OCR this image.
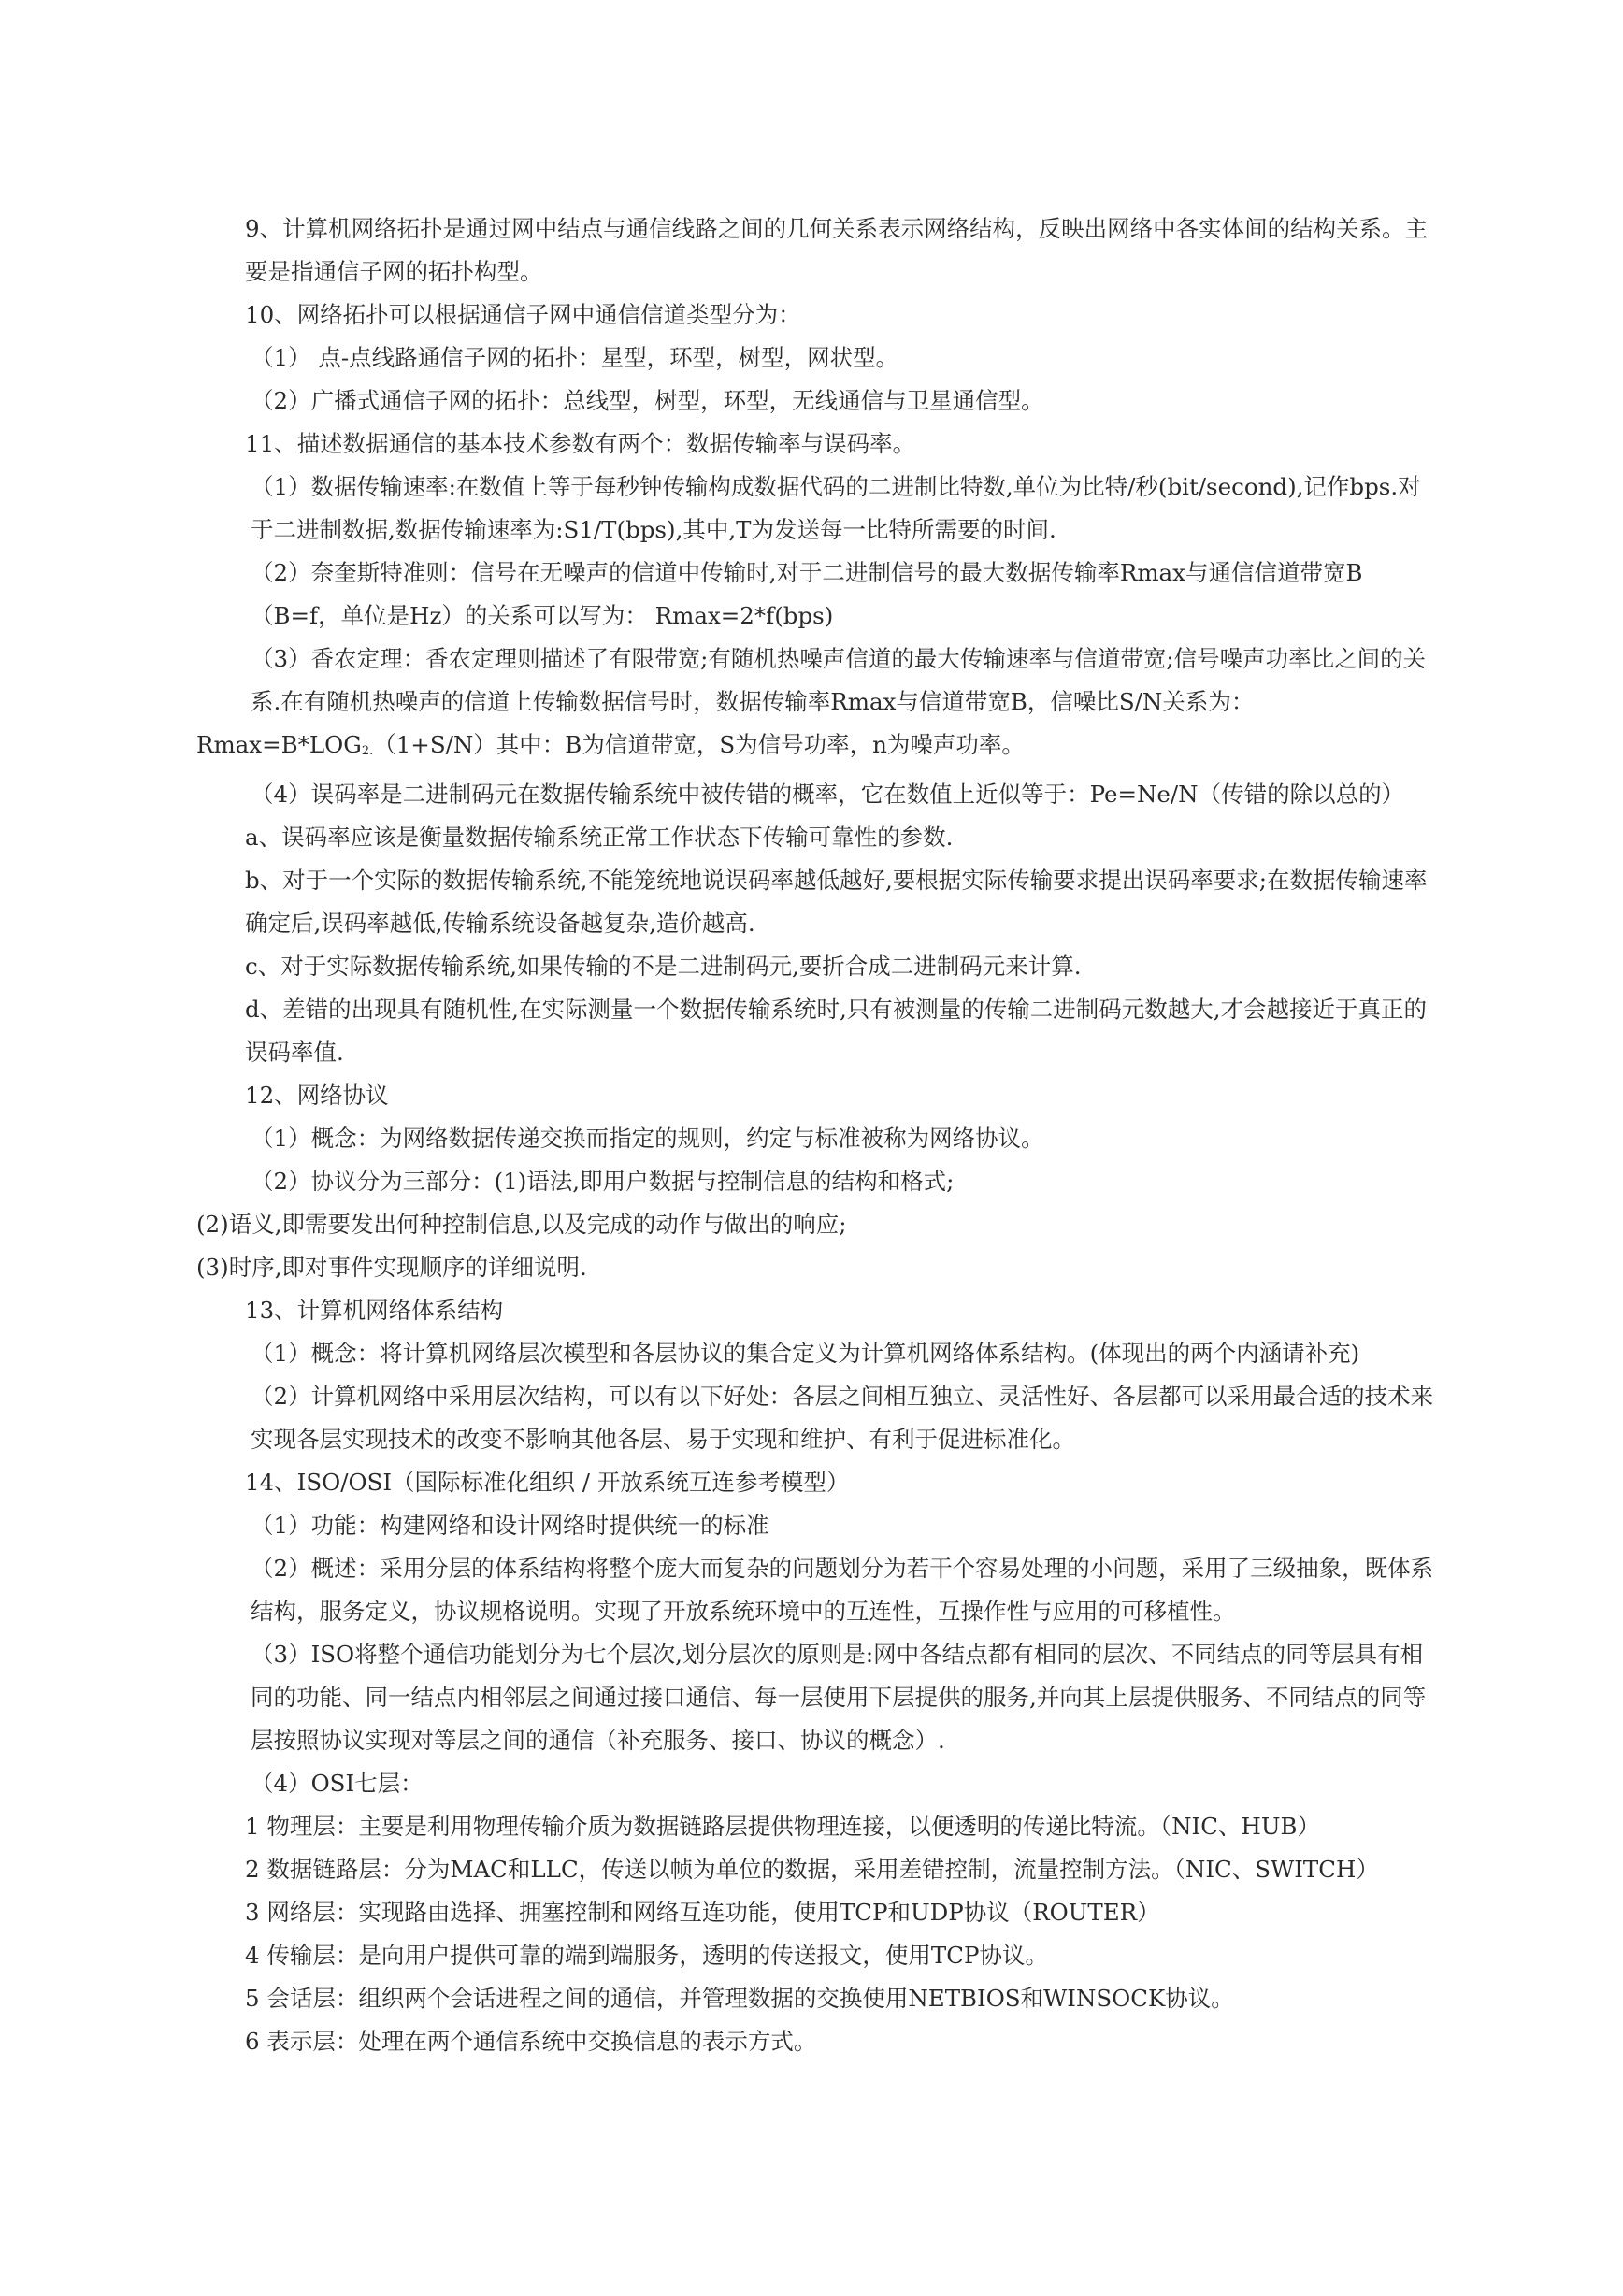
9、计算机网络拓扑是通过网中结点与通信线路之间的几何关系表示网络结构，反映出网络中各实体间的结构关系。主要是指通信子网的拓扑构型。

10、网络拓扑可以根据通信子网中通信信道类型分为：

（1） 点-点线路通信子网的拓扑：星型，环型，树型，网状型。

（2）广播式通信子网的拓扑：总线型，树型，环型，无线通信与卫星通信型。

11、描述数据通信的基本技术参数有两个：数据传输率与误码率。

（1）数据传输速率:在数值上等于每秒钟传输构成数据代码的二进制比特数,单位为比特/秒(bit/second),记作bps.对于二进制数据,数据传输速率为:S1/T(bps),其中,T为发送每一比特所需要的时间.

（2）奈奎斯特准则：信号在无噪声的信道中传输时,对于二进制信号的最大数据传输率Rmax与通信信道带宽B（B=f，单位是Hz）的关系可以写为： Rmax=2*f(bps)

（3）香农定理：香农定理则描述了有限带宽;有随机热噪声信道的最大传输速率与信道带宽;信号噪声功率比之间的关系.在有随机热噪声的信道上传输数据信号时，数据传输率Rmax与信道带宽B，信噪比S/N关系为：

Rmax=B*LOG2.（1+S/N）其中：B为信道带宽，S为信号功率，n为噪声功率。

（4）误码率是二进制码元在数据传输系统中被传错的概率，它在数值上近似等于：Pe=Ne/N（传错的除以总的）

a、误码率应该是衡量数据传输系统正常工作状态下传输可靠性的参数.

b、对于一个实际的数据传输系统,不能笼统地说误码率越低越好,要根据实际传输要求提出误码率要求;在数据传输速率确定后,误码率越低,传输系统设备越复杂,造价越高.

c、对于实际数据传输系统,如果传输的不是二进制码元,要折合成二进制码元来计算.

d、差错的出现具有随机性,在实际测量一个数据传输系统时,只有被测量的传输二进制码元数越大,才会越接近于真正的误码率值.

12、网络协议

（1）概念：为网络数据传递交换而指定的规则，约定与标准被称为网络协议。

（2）协议分为三部分：(1)语法,即用户数据与控制信息的结构和格式;

(2)语义,即需要发出何种控制信息,以及完成的动作与做出的响应;

(3)时序,即对事件实现顺序的详细说明.

13、计算机网络体系结构

（1）概念：将计算机网络层次模型和各层协议的集合定义为计算机网络体系结构。(体现出的两个内涵请补充)

（2）计算机网络中采用层次结构，可以有以下好处：各层之间相互独立、灵活性好、各层都可以采用最合适的技术来实现各层实现技术的改变不影响其他各层、易于实现和维护、有利于促进标准化。

14、ISO/OSI（国际标准化组织 / 开放系统互连参考模型）

（1）功能：构建网络和设计网络时提供统一的标准

（2）概述：采用分层的体系结构将整个庞大而复杂的问题划分为若干个容易处理的小问题，采用了三级抽象，既体系结构，服务定义，协议规格说明。实现了开放系统环境中的互连性，互操作性与应用的可移植性。

（3）ISO将整个通信功能划分为七个层次,划分层次的原则是:网中各结点都有相同的层次、不同结点的同等层具有相同的功能、同一结点内相邻层之间通过接口通信、每一层使用下层提供的服务,并向其上层提供服务、不同结点的同等层按照协议实现对等层之间的通信（补充服务、接口、协议的概念）.

（4）OSI七层：

1 物理层：主要是利用物理传输介质为数据链路层提供物理连接，以便透明的传递比特流。（NIC、HUB）

2 数据链路层：分为MAC和LLC，传送以帧为单位的数据，采用差错控制，流量控制方法。（NIC、SWITCH）

3 网络层：实现路由选择、拥塞控制和网络互连功能，使用TCP和UDP协议（ROUTER）

4 传输层：是向用户提供可靠的端到端服务，透明的传送报文，使用TCP协议。

5 会话层：组织两个会话进程之间的通信，并管理数据的交换使用NETBIOS和WINSOCK协议。

6 表示层：处理在两个通信系统中交换信息的表示方式。
